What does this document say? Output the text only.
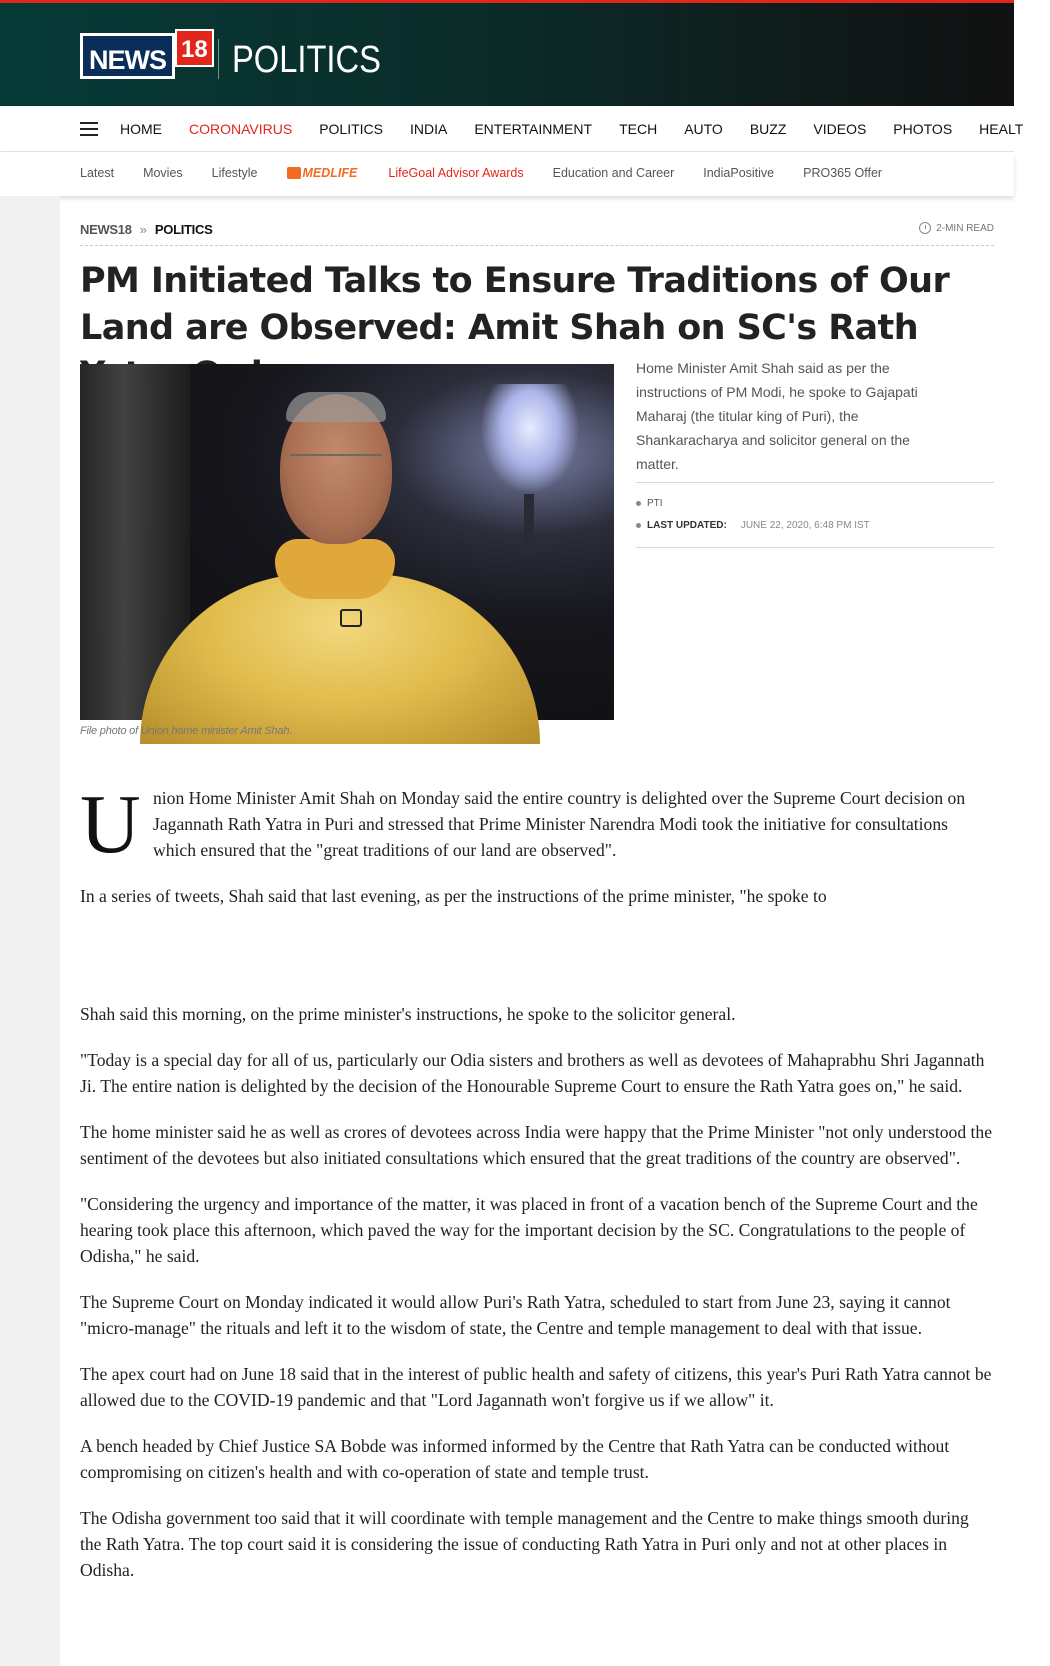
NEWS 18 POLITICS
HOME CORONAVIRUS POLITICS INDIA ENTERTAINMENT TECH AUTO BUZZ VIDEOS PHOTOS HEALT
Latest Movies Lifestyle	MEDLIFE LifeGoal Advisor Awards Education and Career IndiaPositive PRO365 Offer
NEWS18 » POLITICS	2-MIN READ
PM Initiated Talks to Ensure Traditions of Our Land are Observed: Amit Shah on SC's Rath
File photo of Union home minister Amit Shah.

Home Minister Amit Shah said as per the instructions of PM Modi, he spoke to Gajapati Maharaj (the titular king of Puri), the Shankaracharya and solicitor general on the matter.

PTI
LAST UPDATED: JUNE 22, 2020, 6:48 PM IST
U nion Home Minister Amit Shah on Monday said the entire country is delighted over the Supreme Court decision on Jagannath Rath Yatra in Puri and stressed that Prime Minister Narendra Modi took the initiative for consultations which ensured that the "great traditions of our land are observed".

In a series of tweets, Shah said that last evening, as per the instructions of the prime minister, "he spoke to

Shah said this morning, on the prime minister's instructions, he spoke to the solicitor general.

"Today is a special day for all of us, particularly our Odia sisters and brothers as well as devotees of Mahaprabhu Shri Jagannath Ji. The entire nation is delighted by the decision of the Honourable Supreme Court to ensure the Rath Yatra goes on," he said.

The home minister said he as well as crores of devotees across India were happy that the Prime Minister "not only understood the sentiment of the devotees but also initiated consultations which ensured that the great traditions of the country are observed".

"Considering the urgency and importance of the matter, it was placed in front of a vacation bench of the Supreme Court and the hearing took place this afternoon, which paved the way for the important decision by the SC. Congratulations to the people of Odisha," he said.

The Supreme Court on Monday indicated it would allow Puri's Rath Yatra, scheduled to start from June 23, saying it cannot "micro-manage" the rituals and left it to the wisdom of state, the Centre and temple management to deal with that issue.

The apex court had on June 18 said that in the interest of public health and safety of citizens, this year's Puri Rath Yatra cannot be allowed due to the COVID-19 pandemic and that "Lord Jagannath won't forgive us if we allow" it.

A bench headed by Chief Justice SA Bobde was informed informed by the Centre that Rath Yatra can be conducted without compromising on citizen's health and with co-operation of state and temple trust.

The Odisha government too said that it will coordinate with temple management and the Centre to make things smooth during the Rath Yatra. The top court said it is considering the issue of conducting Rath Yatra in Puri only and not at other places in Odisha.
